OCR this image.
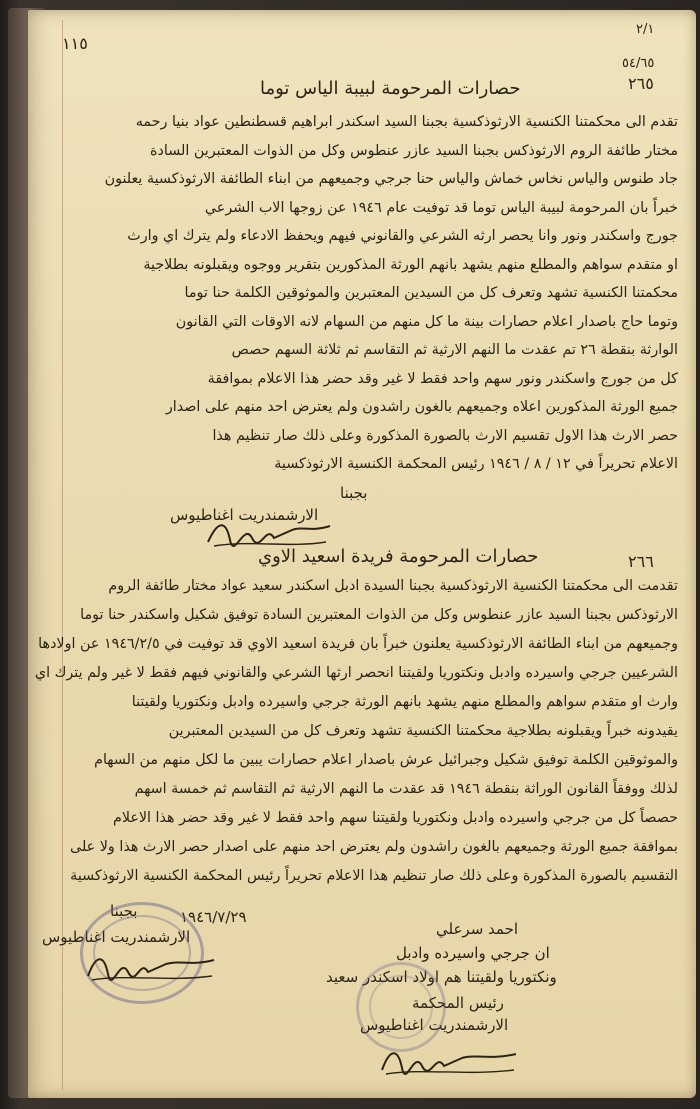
١١٥
٢/١
٥٤/٦٥
٢٦٥
حصارات المرحومة لبيبة الياس توما
تقدم الى محكمتنا الكنسية الارثوذكسية بجبنا السيد اسكندر ابراهيم قسطنطين عواد بنيا رحمه
مختار طائفة الروم الارثوذكس بجبنا السيد عازر عنطوس وكل من الذوات المعتبرين السادة
جاد طنوس والياس نخاس خماش والياس حنا جرجي وجميعهم من ابناء الطائفة الارثوذكسية يعلنون
خبراً بان المرحومة لبيبة الياس توما قد توفيت عام ١٩٤٦ عن زوجها الاب الشرعي
جورج واسكندر ونور وانا يحصر ارثه الشرعي والقانوني فيهم ويحفظ الادعاء ولم يترك اي وارث
او متقدم سواهم والمطلع منهم يشهد بانهم الورثة المذكورين بتقرير ووجوه ويقبلونه بطلاجية
محكمتنا الكنسية تشهد وتعرف كل من السيدين المعتبرين والموثوقين الكلمة حنا توما
وتوما حاج باصدار اعلام حصارات بينة ما كل منهم من السهام لانه الاوقات التي القانون
الوارثة بنقطة ٢٦ تم عقدت ما النهم الارثية ثم التقاسم ثم ثلاثة السهم حصص
كل من جورج واسكندر ونور سهم واحد فقط لا غير وقد حضر هذا الاعلام بموافقة
جميع الورثة المذكورين اعلاه وجميعهم بالغون راشدون ولم يعترض احد منهم على اصدار
حصر الارث هذا الاول تقسيم الارث بالصورة المذكورة وعلى ذلك صار تنظيم هذا
الاعلام تحريراً في ١٢ / ٨ / ١٩٤٦ رئيس المحكمة الكنسية الارثوذكسية
بجبنا
الارشمندريت اغناطيوس
٢٦٦
حصارات المرحومة فريدة اسعيد الاوي
تقدمت الى محكمتنا الكنسية الارثوذكسية بجبنا السيدة ادبل اسكندر سعيد عواد مختار طائفة الروم
الارثوذكس بجبنا السيد عازر عنطوس وكل من الذوات المعتبرين السادة توفيق شكيل واسكندر حنا توما
وجميعهم من ابناء الطائفة الارثوذكسية يعلنون خبراً بان فريدة اسعيد الاوي قد توفيت في ١٩٤٦/٢/٥ عن اولادها
الشرعيين جرجي واسيرده وادبل ونكتوريا ولقيتنا انحصر ارثها الشرعي والقانوني فيهم فقط لا غير ولم يترك اي
وارث او متقدم سواهم والمطلع منهم يشهد بانهم الورثة جرجي واسيرده وادبل ونكتوريا ولقيتنا
يقيدونه خبراً ويقبلونه بطلاجية محكمتنا الكنسية تشهد وتعرف كل من السيدين المعتبرين
والموثوقين الكلمة توفيق شكيل وجبرائيل عرش باصدار اعلام حصارات يبين ما لكل منهم من السهام
لذلك ووفقاً القانون الوراثة بنقطة ١٩٤٦ قد عقدت ما النهم الارثية ثم التقاسم ثم خمسة اسهم
حصصاً كل من جرجي واسيرده وادبل ونكتوريا ولقيتنا سهم واحد فقط لا غير وقد حضر هذا الاعلام
بموافقة جميع الورثة وجميعهم بالغون راشدون ولم يعترض احد منهم على اصدار حصر الارث هذا ولا على
التقسيم بالصورة المذكورة وعلى ذلك صار تنظيم هذا الاعلام تحريراً رئيس المحكمة الكنسية الارثوذكسية
بجبنا	١٩٤٦/٧/٢٩
الارشمندريت اغناطيوس	احمد سرعلي
ان جرجي واسيرده وادبل
ونكتوريا ولقيتنا هم اولاد اسكندر سعيد
رئيس المحكمة
الارشمندريت اغناطيوس
